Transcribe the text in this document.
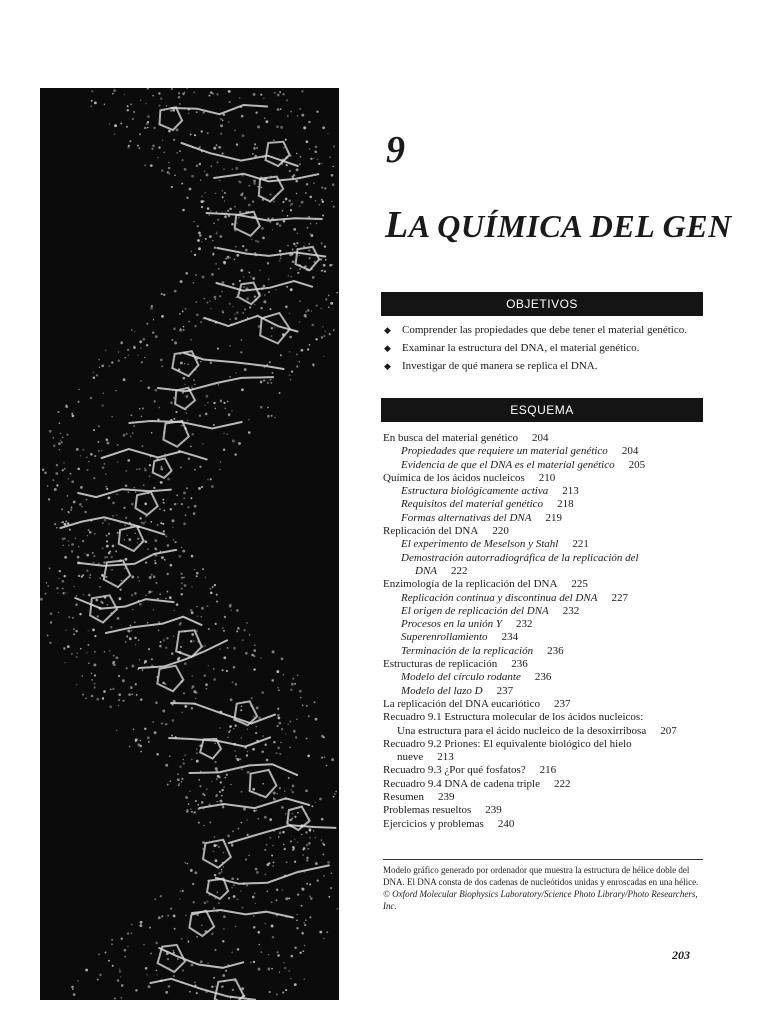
9
LA QUÍMICA DEL GEN
OBJETIVOS
◆	Comprender las propiedades que debe tener el material genético.
◆	Examinar la estructura del DNA, el material genético.
◆	Investigar de qué manera se replica el DNA.
ESQUEMA
En busca del material genético 204
Propiedades que requiere un material genético 204
Evidencia de que el DNA es el material genético 205
Química de los ácidos nucleicos 210
Estructura biológicamente activa 213
Requisitos del material genético 218
Formas alternativas del DNA 219
Replicación del DNA 220
El experimento de Meselson y Stahl 221
Demostración autorradiográfica de la replicación del
DNA 222
Enzimología de la replicación del DNA 225
Replicación continua y discontinua del DNA 227
El origen de replicación del DNA 232
Procesos en la unión Y 232
Superenrollamiento 234
Terminación de la replicación 236
Estructuras de replicación 236
Modelo del círculo rodante 236
Modelo del lazo D 237
La replicación del DNA eucariótico 237
Recuadro 9.1 Estructura molecular de los ácidos nucleicos:
Una estructura para el ácido nucleico de la desoxirribosa 207
Recuadro 9.2 Priones: El equivalente biológico del hielo
nueve 213
Recuadro 9.3 ¿Por qué fosfatos? 216
Recuadro 9.4 DNA de cadena triple 222
Resumen 239
Problemas resueltos 239
Ejercicios y problemas 240

Modelo gráfico generado por ordenador que muestra la estructura de hélice doble del DNA. El DNA consta de dos cadenas de nucleótidos unidas y enroscadas en una hélice.

© Oxford Molecular Biophysics Laboratory/Science Photo Library/Photo Researchers, Inc.

203
